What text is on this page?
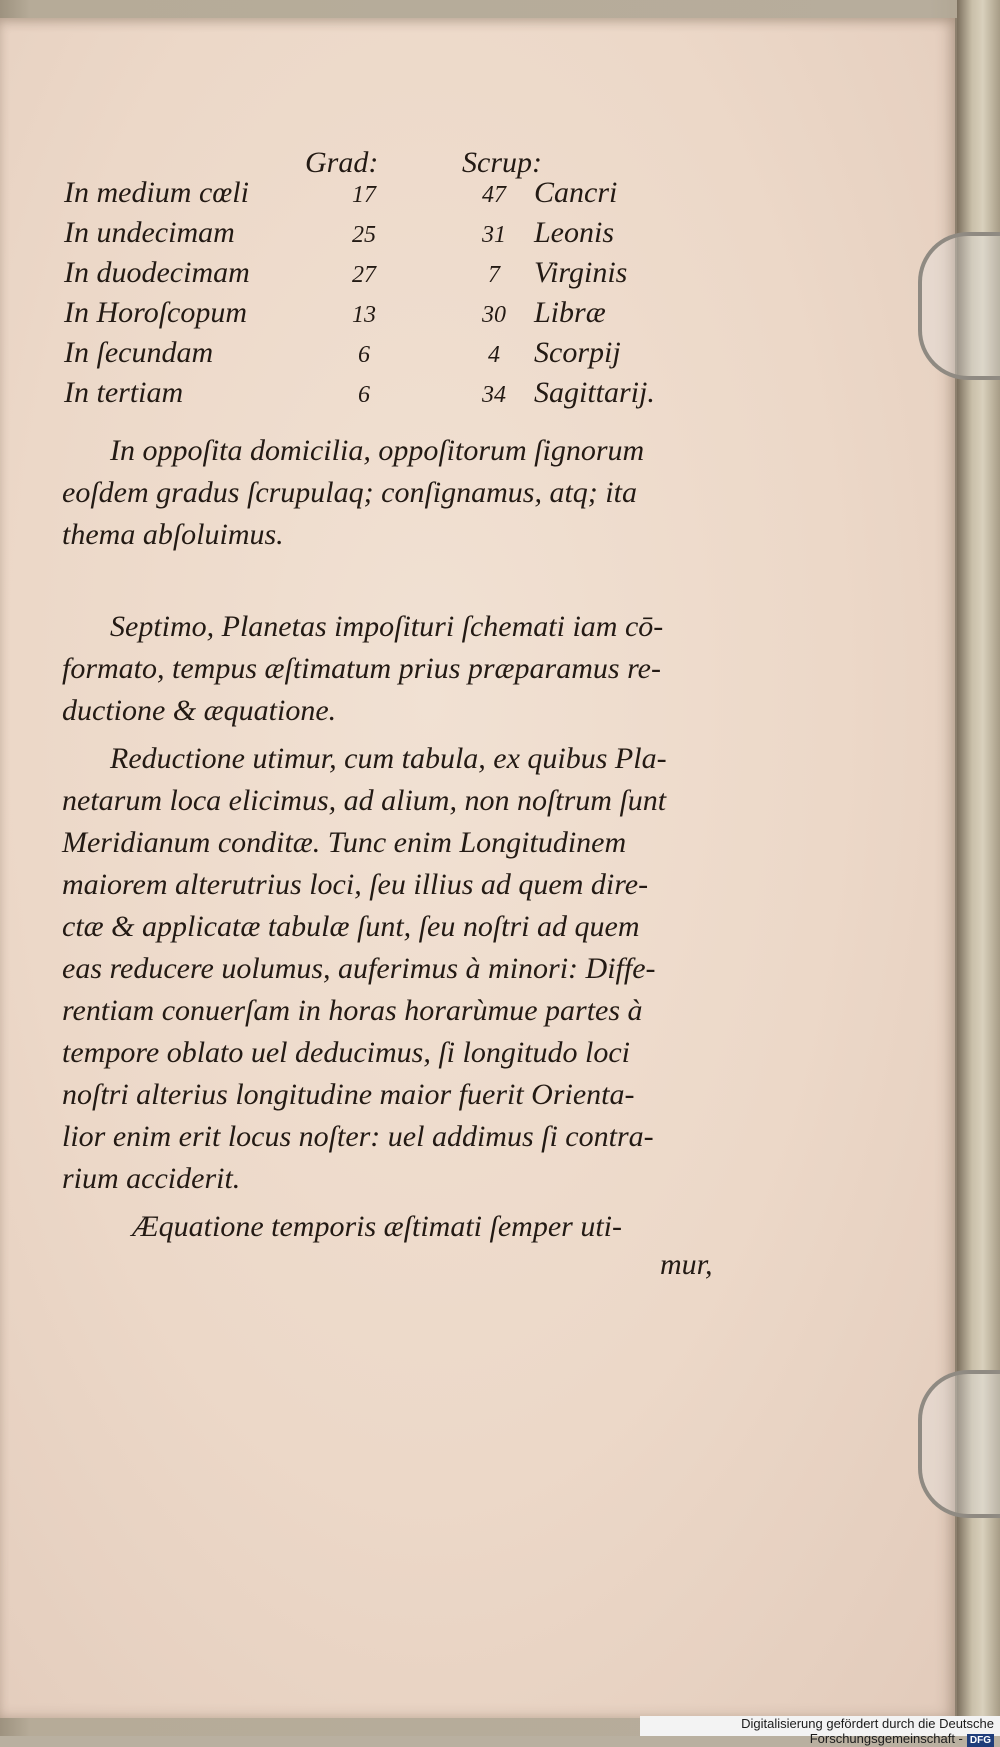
Grad:	Scrup:
In medium cœli	17	47 Cancri
In undecimam	25	31 Leonis
In duodecimam	27	7	Virginis
In Horoſcopum	13	30 Libræ
In ſecundam	6	4	Scorpij
In tertiam	6	34 Sagittarij.
In oppoſita domicilia, oppoſitorum ſignorum
eoſdem gradus ſcrupulaq; conſignamus, atq; ita
thema abſoluimus.
Septimo, Planetas impoſituri ſchemati iam cō-
formato, tempus æſtimatum prius præparamus re-
ductione & æquatione.
Reductione utimur, cum tabula, ex quibus Pla-
netarum loca elicimus, ad alium, non noſtrum ſunt
Meridianum conditæ. Tunc enim Longitudinem
maiorem alterutrius loci, ſeu illius ad quem dire-
ctæ & applicatæ tabulæ ſunt, ſeu noſtri ad quem
eas reducere uolumus, auferimus à minori: Diffe-
rentiam conuerſam in horas horarùmue partes à
tempore oblato uel deducimus, ſi longitudo loci
noſtri alterius longitudine maior fuerit Orienta-
lior enim erit locus noſter: uel addimus ſi contra-
rium acciderit.
Æquatione temporis æſtimati ſemper uti-
mur,
Digitalisierung gefördert durch die Deutsche Forschungsgemeinschaft - DFG
